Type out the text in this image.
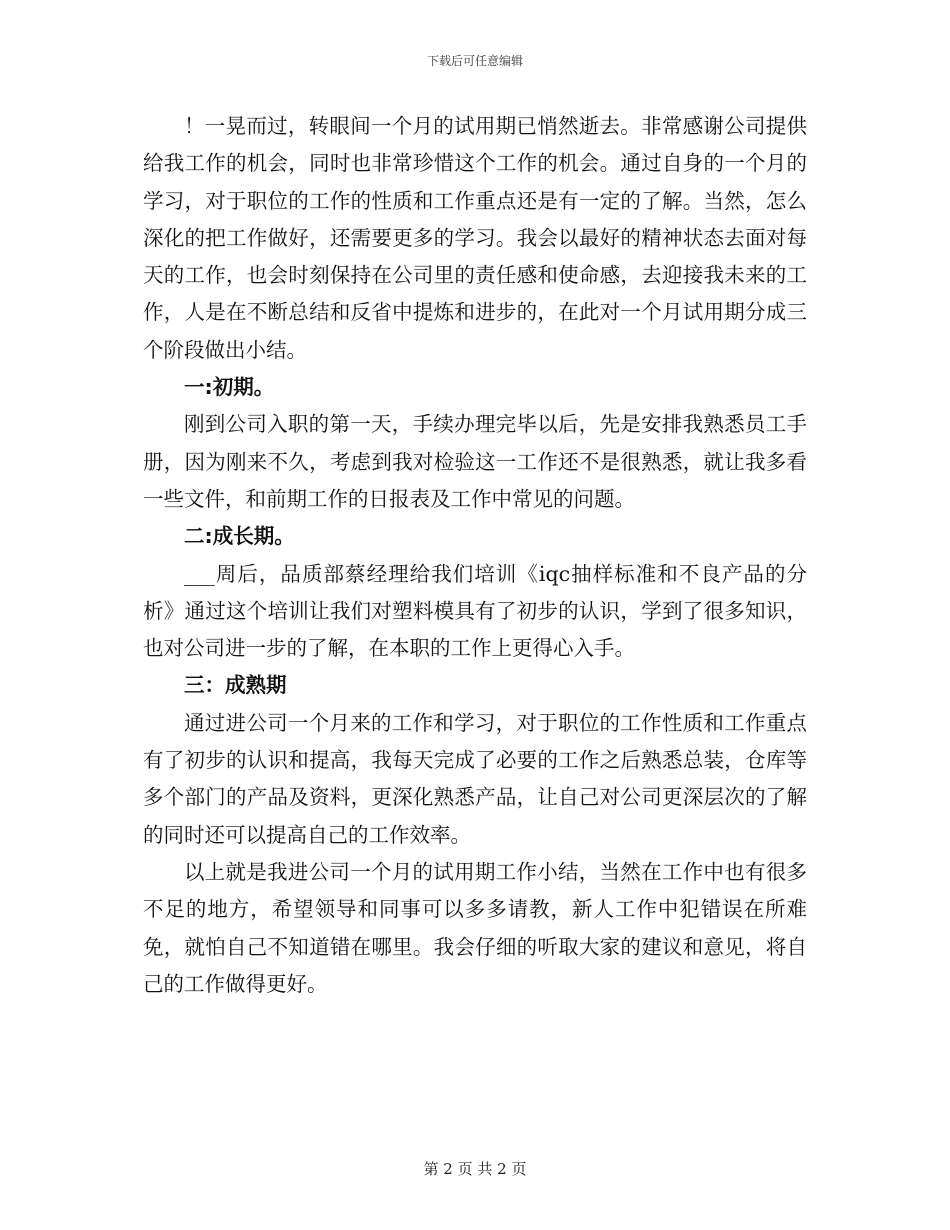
下载后可任意编辑

！一晃而过，转眼间一个月的试用期已悄然逝去。非常感谢公司提供给我工作的机会，同时也非常珍惜这个工作的机会。通过自身的一个月的学习，对于职位的工作的性质和工作重点还是有一定的了解。当然，怎么深化的把工作做好，还需要更多的学习。我会以最好的精神状态去面对每天的工作，也会时刻保持在公司里的责任感和使命感，去迎接我未来的工作，人是在不断总结和反省中提炼和进步的，在此对一个月试用期分成三个阶段做出小结。

一:初期。

刚到公司入职的第一天，手续办理完毕以后，先是安排我熟悉员工手册，因为刚来不久，考虑到我对检验这一工作还不是很熟悉，就让我多看一些文件，和前期工作的日报表及工作中常见的问题。

二:成长期。

___周后，品质部蔡经理给我们培训《iqc抽样标准和不良产品的分析》通过这个培训让我们对塑料模具有了初步的认识，学到了很多知识，也对公司进一步的了解，在本职的工作上更得心入手。

三：成熟期

通过进公司一个月来的工作和学习，对于职位的工作性质和工作重点有了初步的认识和提高，我每天完成了必要的工作之后熟悉总装，仓库等多个部门的产品及资料，更深化熟悉产品，让自己对公司更深层次的了解的同时还可以提高自己的工作效率。

以上就是我进公司一个月的试用期工作小结，当然在工作中也有很多不足的地方，希望领导和同事可以多多请教，新人工作中犯错误在所难免，就怕自己不知道错在哪里。我会仔细的听取大家的建议和意见，将自己的工作做得更好。

第 2 页 共 2 页
